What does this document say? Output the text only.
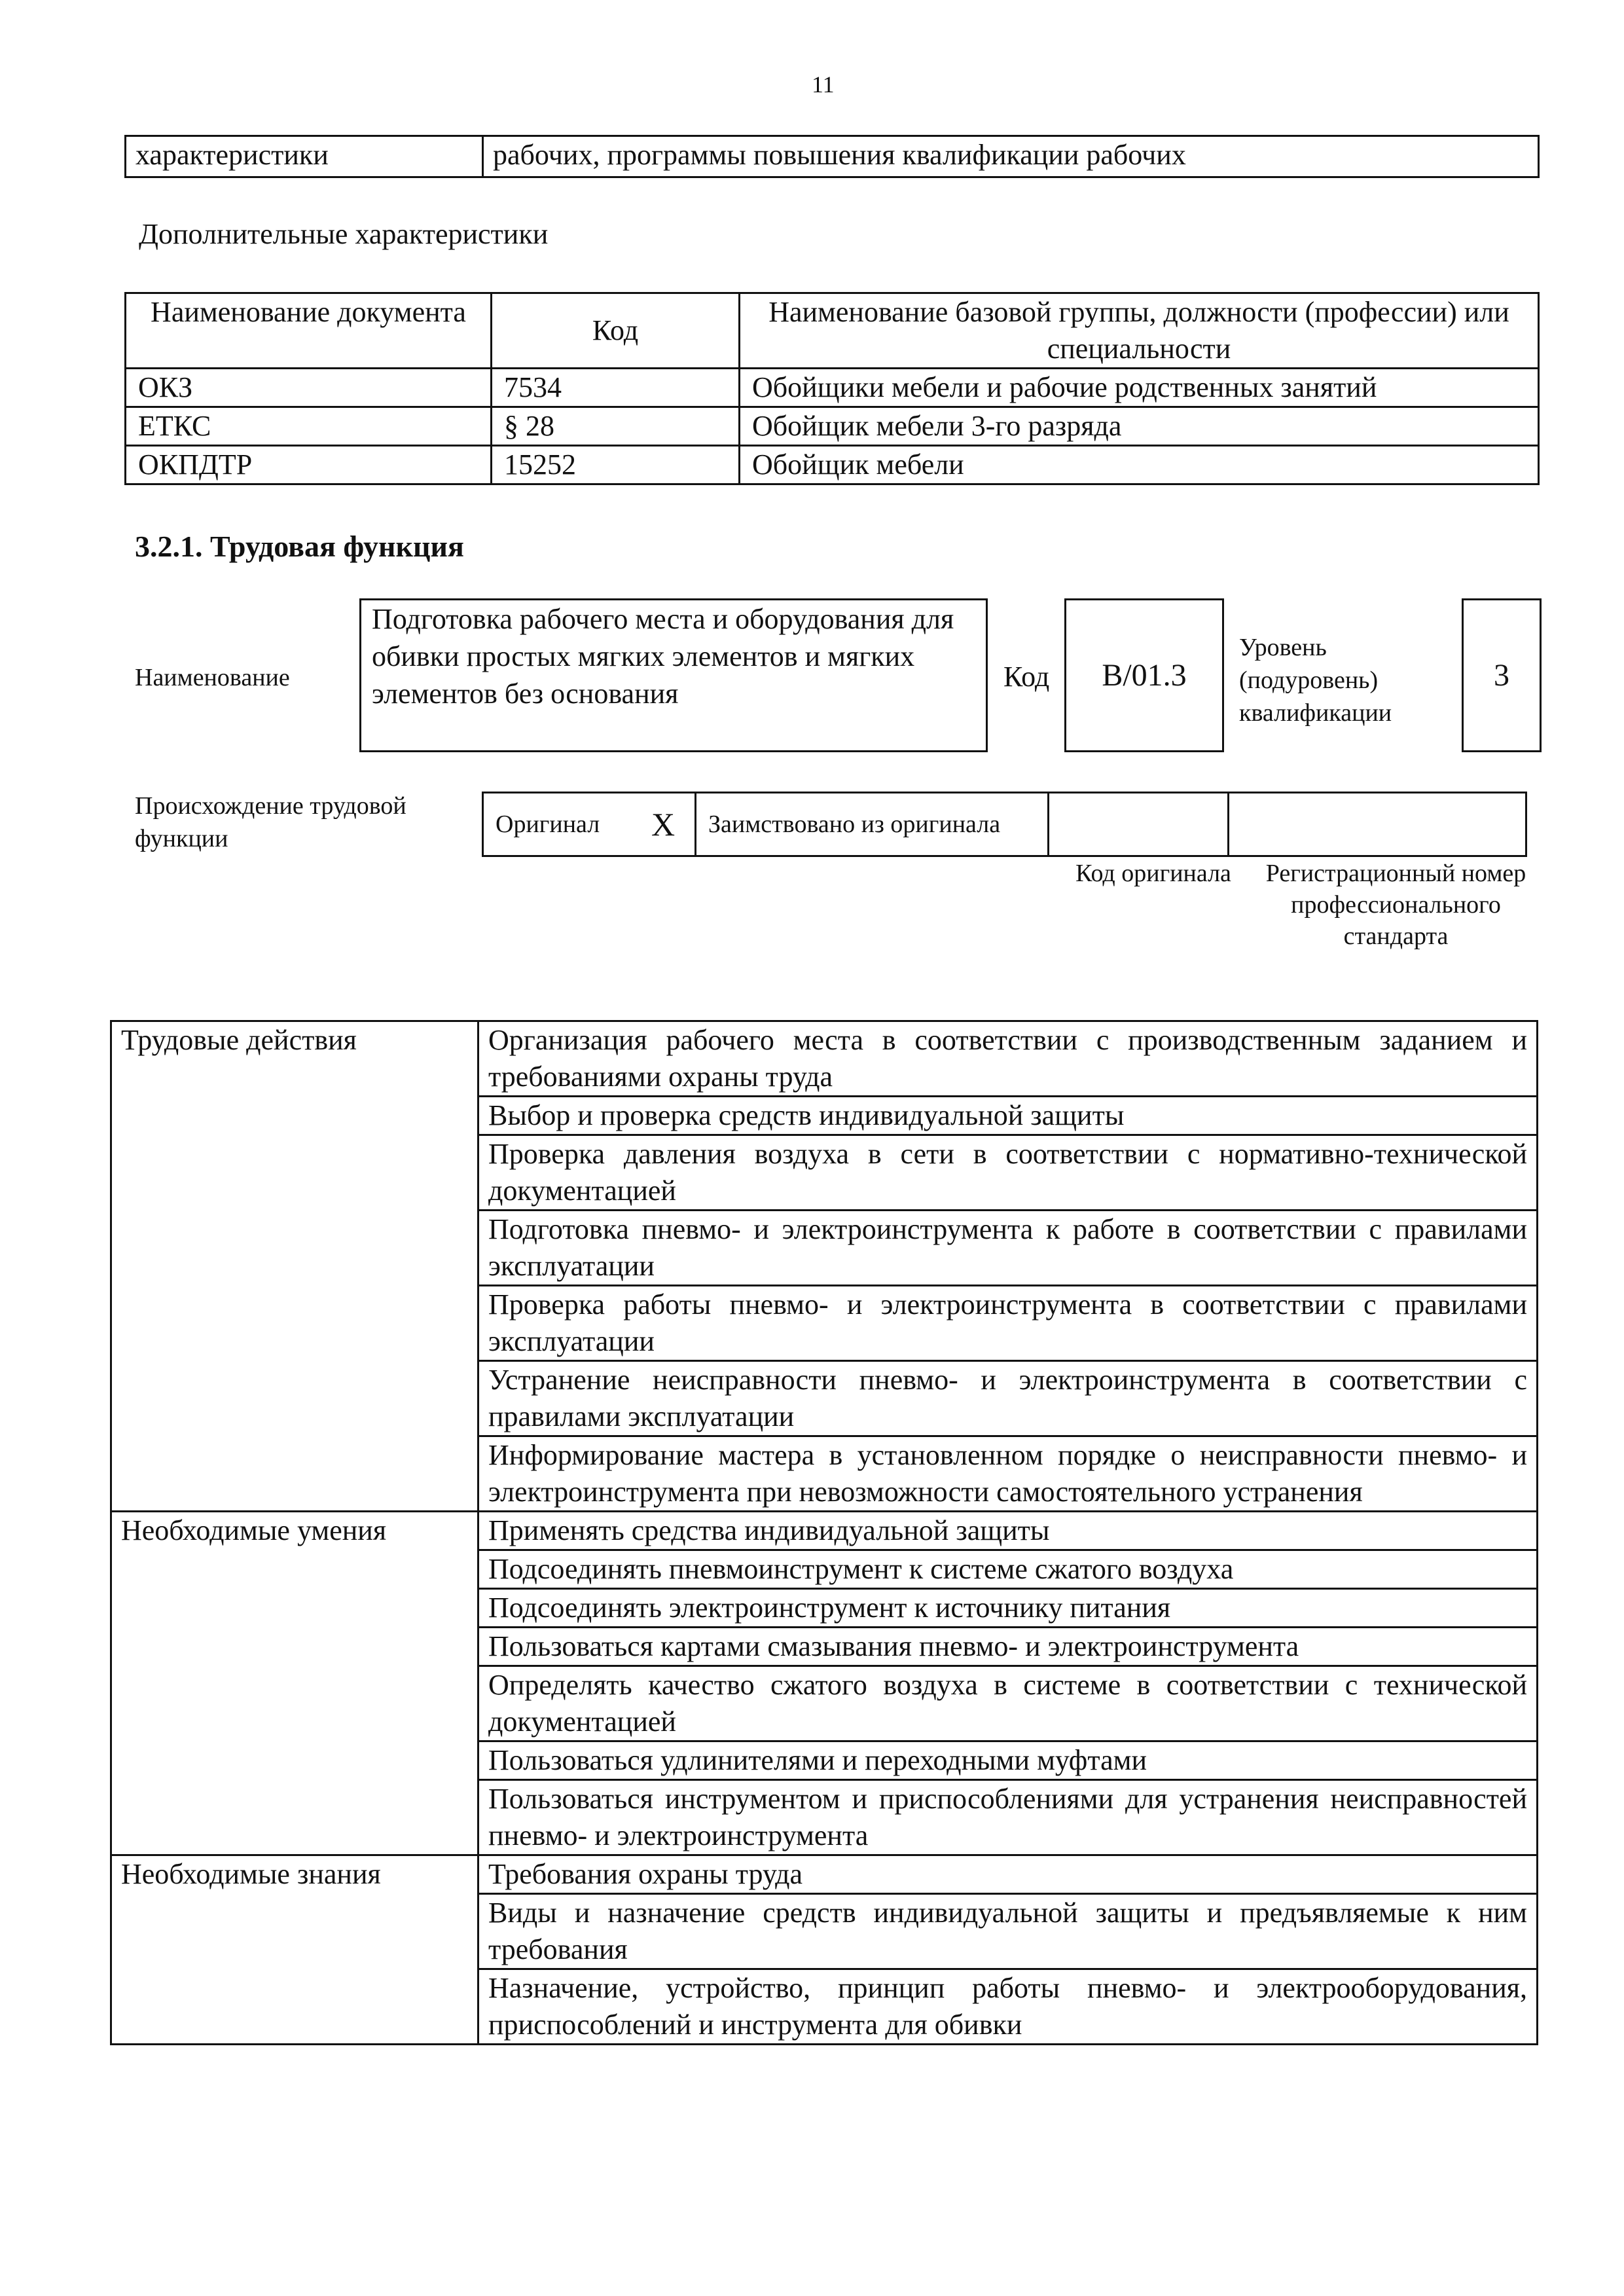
11
характеристики	рабочих, программы повышения квалификации рабочих
Дополнительные характеристики
Наименование документа	Код	Наименование базовой группы, должности (профессии) или специальности
ОКЗ	7534	Обойщики мебели и рабочие родственных занятий
ЕТКС	§ 28	Обойщик мебели 3-го разряда
ОКПДТР	15252	Обойщик мебели
3.2.1. Трудовая функция
Наименование
Подготовка рабочего места и оборудования для обивки простых мягких элементов и мягких элементов без основания
Код	B/01.3
Уровень (подуровень) квалификации
3
Происхождение трудовой функции
Оригинал	X	Заимствовано из оригинала		
Код оригинала	Регистрационный номер профессионального стандарта
Трудовые действия	Организация рабочего места в соответствии с производственным заданием и требованиями охраны труда
	Выбор и проверка средств индивидуальной защиты
	Проверка давления воздуха в сети в соответствии с нормативно-технической документацией
	Подготовка пневмо- и электроинструмента к работе в соответствии с правилами эксплуатации
	Проверка работы пневмо- и электроинструмента в соответствии с правилами эксплуатации
	Устранение неисправности пневмо- и электроинструмента в соответствии с правилами эксплуатации
	Информирование мастера в установленном порядке о неисправности пневмо- и электроинструмента при невозможности самостоятельного устранения
Необходимые умения	Применять средства индивидуальной защиты
	Подсоединять пневмоинструмент к системе сжатого воздуха
	Подсоединять электроинструмент к источнику питания
	Пользоваться картами смазывания пневмо- и электроинструмента
	Определять качество сжатого воздуха в системе в соответствии с технической документацией
	Пользоваться удлинителями и переходными муфтами
	Пользоваться инструментом и приспособлениями для устранения неисправностей пневмо- и электроинструмента
Необходимые знания	Требования охраны труда
	Виды и назначение средств индивидуальной защиты и предъявляемые к ним требования
	Назначение, устройство, принцип работы пневмо- и электрооборудования, приспособлений и инструмента для обивки
